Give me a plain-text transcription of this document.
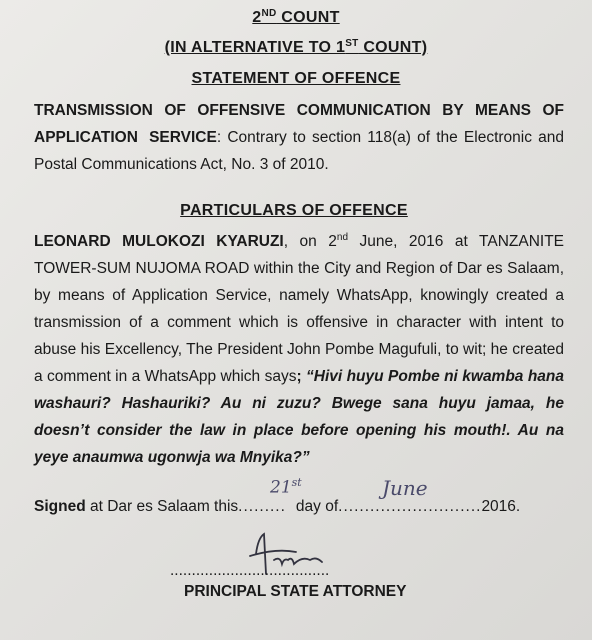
2ND COUNT
(IN ALTERNATIVE TO 1ST COUNT)
STATEMENT OF OFFENCE
TRANSMISSION OF OFFENSIVE COMMUNICATION BY MEANS OF APPLICATION SERVICE: Contrary to section 118(a) of the Electronic and Postal Communications Act, No. 3 of 2010.
PARTICULARS OF OFFENCE
LEONARD MULOKOZI KYARUZI, on 2nd June, 2016 at TANZANITE TOWER-SUM NUJOMA ROAD within the City and Region of Dar es Salaam, by means of Application Service, namely WhatsApp, knowingly created a transmission of a comment which is offensive in character with intent to abuse his Excellency, The President John Pombe Magufuli, to wit; he created a comment in a WhatsApp which says; “Hivi huyu Pombe ni kwamba hana washauri? Hashauriki? Au ni zuzu? Bwege sana huyu jamaa, he doesn’t consider the law in place before opening his mouth!. Au na yeye anaumwa ugonwja wa Mnyika?”
Signed at Dar es Salaam this......... day of...........................2016.
21st	June
.....................................
PRINCIPAL STATE ATTORNEY
